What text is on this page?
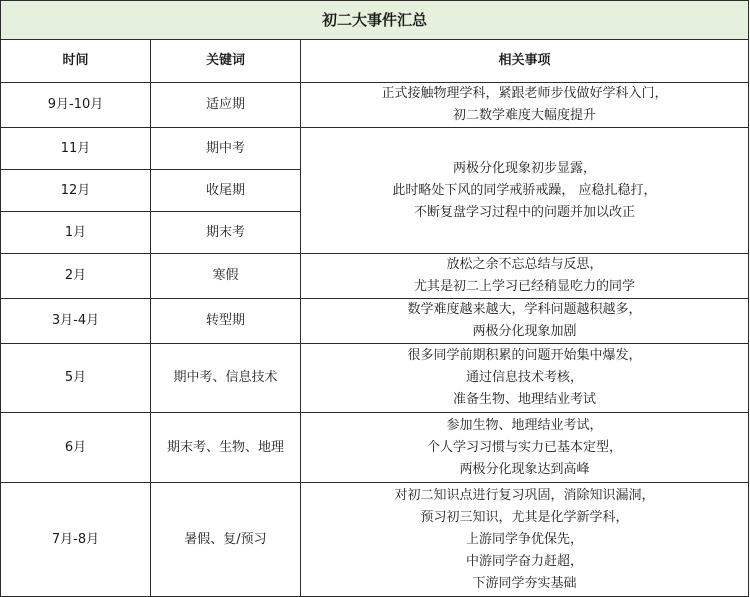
初二大事件汇总		
时间	关键词	相关事项
9月-10月	适应期	正式接触物理学科，紧跟老师步伐做好学科入门，
初二数学难度大幅度提升

11月	期中考	两极分化现象初步显露，
此时略处下风的同学戒骄戒躁， 应稳扎稳打，
不断复盘学习过程中的问题并加以改正

12月	收尾期	
1月	期末考	
2月	寒假	放松之余不忘总结与反思，
尤其是初二上学习已经稍显吃力的同学

3月-4月	转型期	数学难度越来越大，学科问题越积越多，
两极分化现象加剧

5月	期中考、信息技术	很多同学前期积累的问题开始集中爆发，
通过信息技术考核，
准备生物、地理结业考试

6月	期末考、生物、地理	参加生物、地理结业考试，
个人学习习惯与实力已基本定型，
两极分化现象达到高峰

7月-8月	暑假、复/预习	对初二知识点进行复习巩固，消除知识漏洞，
预习初三知识，尤其是化学新学科，
上游同学争优保先，
中游同学奋力赶超，
下游同学夯实基础
